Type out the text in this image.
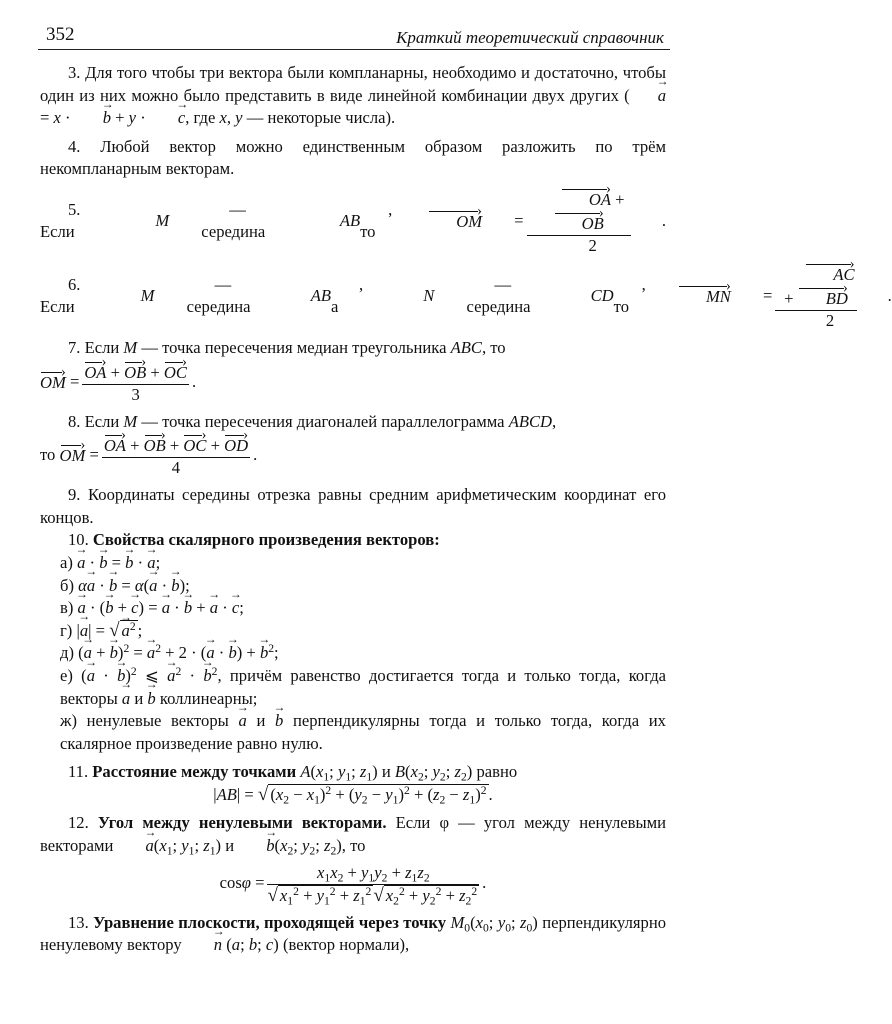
352	Краткий теоретический справочник

3. Для того чтобы три вектора были компланарны, необходимо и достаточно, чтобы один из них можно было представить в виде линейной комбинации двух других ( → a = x · → b + y · → c, где x, y — некоторые числа).

4. Любой вектор можно единственным образом разложить по трём некомпланарным векторам.

5. Если

M

— середина

AB
, то

OM › = $\frac{OA › + OB ›}{2}$ .
6. Если

M

— середина

AB
, а

N

— середина

CD
, то

MN › = $\frac{AC › + BD ›}{2}$ .
7. Если M — точка пересечения медиан треугольника ABC, то
OM › = $\frac{OA › + OB › + OC ›}{3}$ .
8. Если M — точка пересечения диагоналей параллелограмма ABCD,
то
OM › = $\frac{OA › + OB › + OC › + OD ›}{4}$ .

9. Координаты середины отрезка равны средним арифметическим координат его концов.

10. Свойства скалярного произведения векторов:

а) → a · → b = → b · → a;

б) α→ a · → b = α(→ a · → b);

в) → a · (→ b + → c) = → a · → b + → a · → c;

г) |→ a| = √ → $a^2$ ;

д) (→ a + → b)$^2$ = → $a^2 + 2$ · (→ a · → b) + → $b^2$;

е) (→ a · → b)$^2$ ⩽ → $a^2$ · → $b^2$, причём равенство достигается тогда и только тогда, когда векторы → a и → b коллинеарны;

ж) ненулевые векторы → a и → b перпендикулярны тогда и только тогда, когда их скалярное произведение равно нулю.

11. Расстояние между точками $A(x_1$; $y_1$; $z_1$) и $B(x_2$; $y_2$; $z_2$) равно

|AB| = √ $(x_2 - x_1)^2 + (y_2 - y_1)^2 + (z_2 - z_1)^2$ .

12. Угол между ненулевыми векторами. Если φ — угол между ненулевыми векторами → $a(x_1$; $y_1$; $z_1$) $и \to b(x_2$; $y_2$; $z_2$), то

$\cos \varphi = \frac{x_1x_2 + y_1y_2 + z_1z_2}{√ x_1^2 + y_1^2 + z_1^2 √ x_2^2 + y_2^2 + z_2^2}$ .

13. Уравнение плоскости, проходящей через точку $M_0(x_0$; $y_0$; $z_0$) перпендикулярно ненулевому вектору → n (a; b; c) (вектор нормали),
